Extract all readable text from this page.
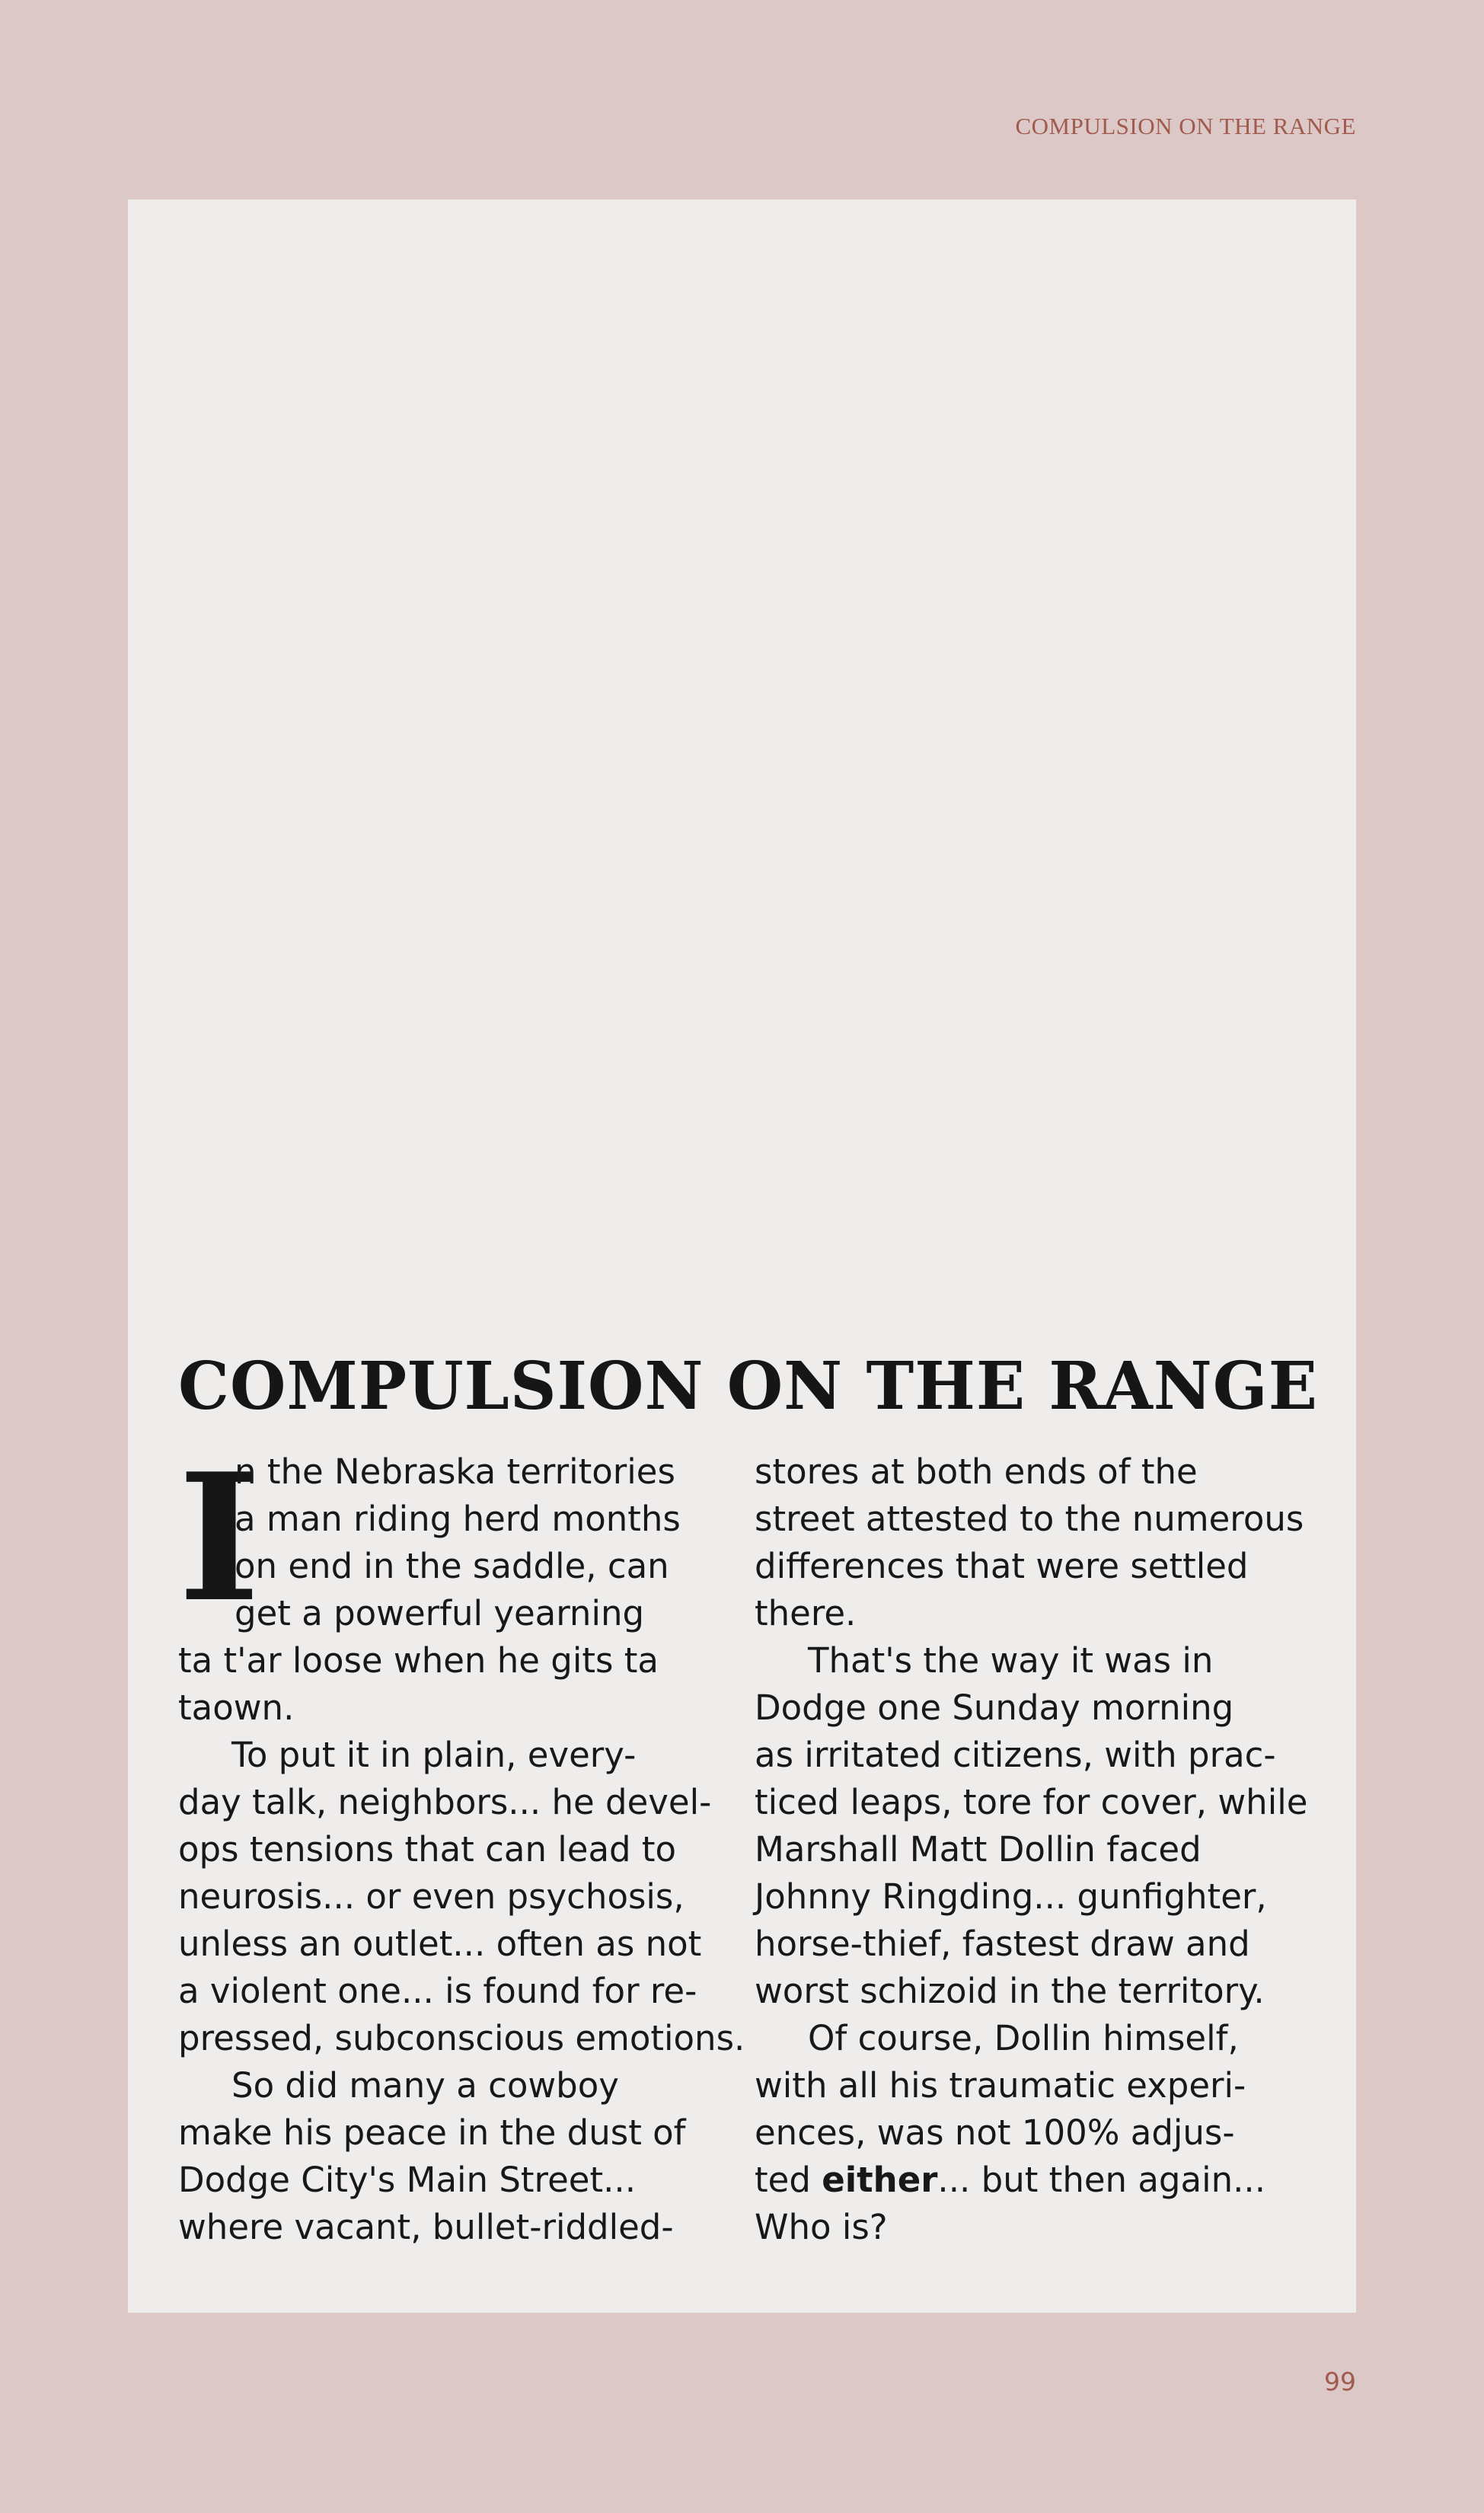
COMPULSION ON THE RANGE
COMPULSION ON THE RANGE
I
n the Nebraska territories
a man riding herd months
on end in the saddle, can
get a powerful yearning
ta t'ar loose when he gits ta
taown.
To put it in plain, every-
day talk, neighbors... he devel-
ops tensions that can lead to
neurosis... or even psychosis,
unless an outlet... often as not
a violent one... is found for re-
pressed, subconscious emotions.
So did many a cowboy
make his peace in the dust of
Dodge City's Main Street...
where vacant, bullet-riddled-
stores at both ends of the
street attested to the numerous
differences that were settled
there.
That's the way it was in
Dodge one Sunday morning
as irritated citizens, with prac-
ticed leaps, tore for cover, while
Marshall Matt Dollin faced
Johnny Ringding... gunfighter,
horse-thief, fastest draw and
worst schizoid in the territory.
Of course, Dollin himself,
with all his traumatic experi-
ences, was not 100% adjus-
ted either... but then again...
Who is?
99
